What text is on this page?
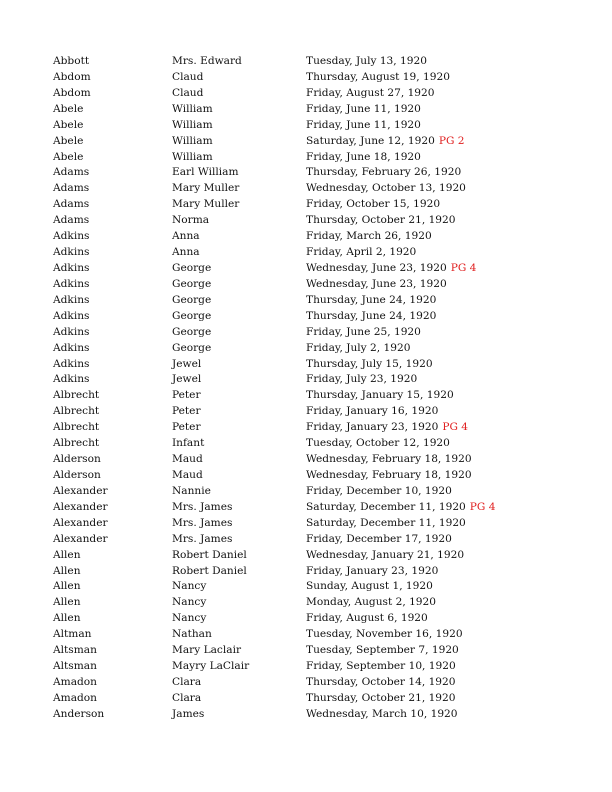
Abbott	Mrs. Edward	Tuesday, July 13, 1920
Abdom	Claud	Thursday, August 19, 1920
Abdom	Claud	Friday, August 27, 1920
Abele	William	Friday, June 11, 1920
Abele	William	Friday, June 11, 1920
Abele	William	Saturday, June 12, 1920 PG 2
Abele	William	Friday, June 18, 1920
Adams	Earl William	Thursday, February 26, 1920
Adams	Mary Muller	Wednesday, October 13, 1920
Adams	Mary Muller	Friday, October 15, 1920
Adams	Norma	Thursday, October 21, 1920
Adkins	Anna	Friday, March 26, 1920
Adkins	Anna	Friday, April 2, 1920
Adkins	George	Wednesday, June 23, 1920 PG 4
Adkins	George	Wednesday, June 23, 1920
Adkins	George	Thursday, June 24, 1920
Adkins	George	Thursday, June 24, 1920
Adkins	George	Friday, June 25, 1920
Adkins	George	Friday, July 2, 1920
Adkins	Jewel	Thursday, July 15, 1920
Adkins	Jewel	Friday, July 23, 1920
Albrecht	Peter	Thursday, January 15, 1920
Albrecht	Peter	Friday, January 16, 1920
Albrecht	Peter	Friday, January 23, 1920 PG 4
Albrecht	Infant	Tuesday, October 12, 1920
Alderson	Maud	Wednesday, February 18, 1920
Alderson	Maud	Wednesday, February 18, 1920
Alexander	Nannie	Friday, December 10, 1920
Alexander	Mrs. James	Saturday, December 11, 1920 PG 4
Alexander	Mrs. James	Saturday, December 11, 1920
Alexander	Mrs. James	Friday, December 17, 1920
Allen	Robert Daniel	Wednesday, January 21, 1920
Allen	Robert Daniel	Friday, January 23, 1920
Allen	Nancy	Sunday, August 1, 1920
Allen	Nancy	Monday, August 2, 1920
Allen	Nancy	Friday, August 6, 1920
Altman	Nathan	Tuesday, November 16, 1920
Altsman	Mary Laclair	Tuesday, September 7, 1920
Altsman	Mayry LaClair	Friday, September 10, 1920
Amadon	Clara	Thursday, October 14, 1920
Amadon	Clara	Thursday, October 21, 1920
Anderson	James	Wednesday, March 10, 1920
